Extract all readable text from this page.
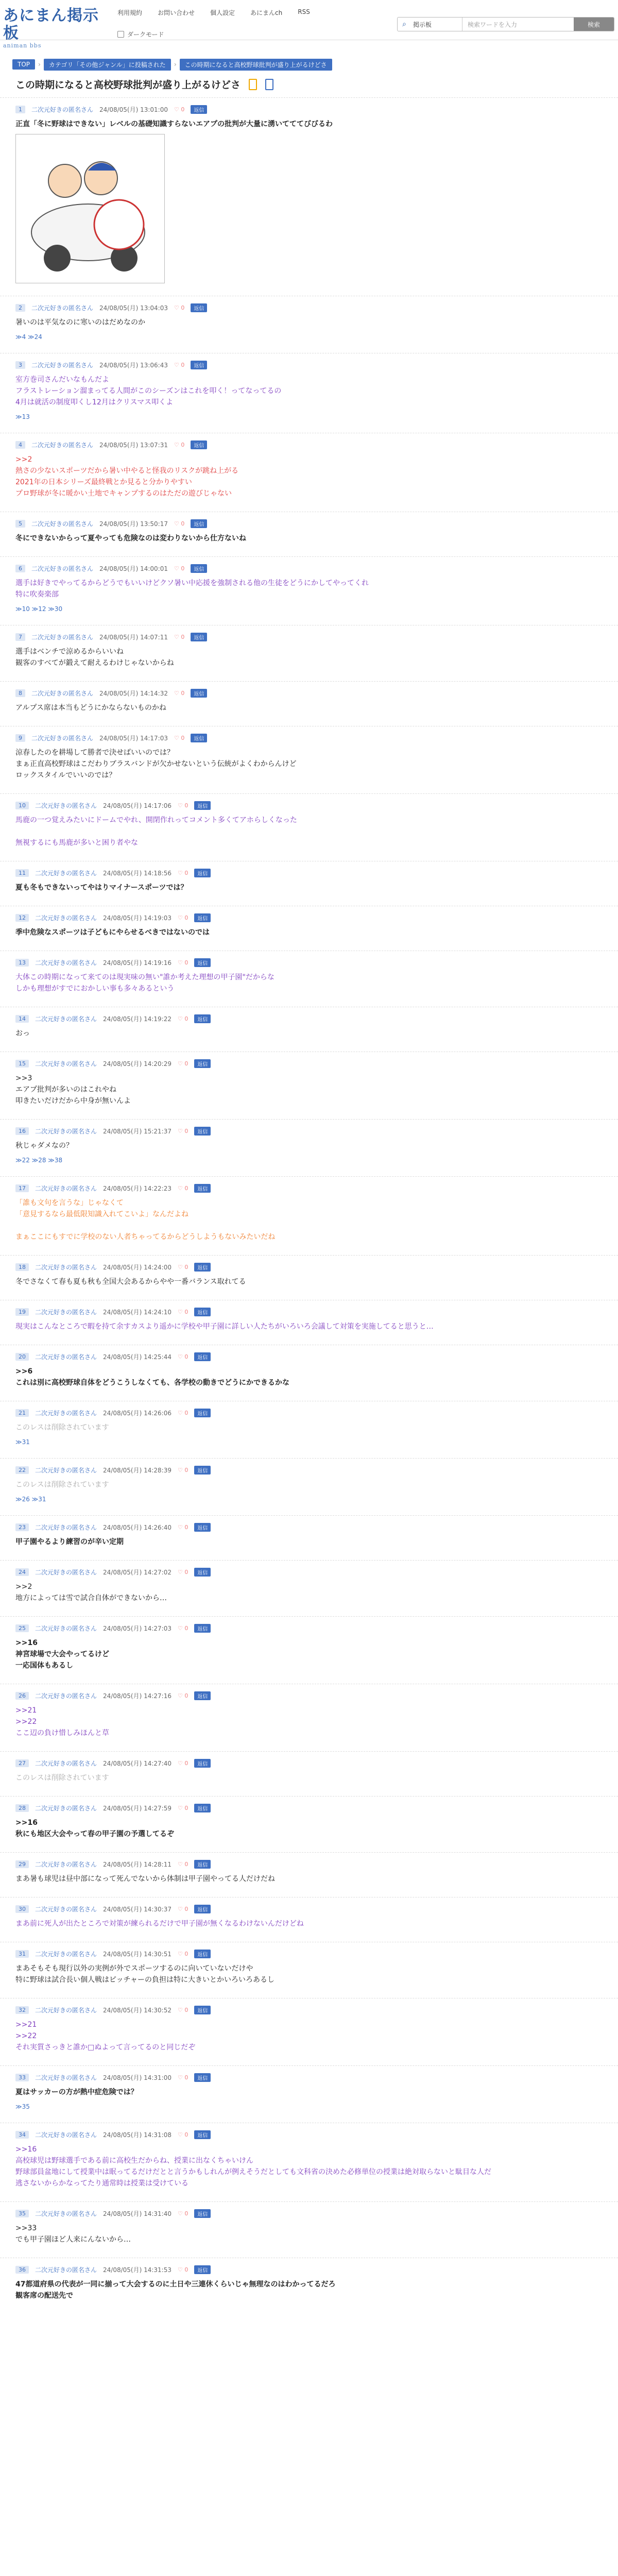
あにまん掲示板
animan bbs
利用規約	お問い合わせ	個人設定	あにまんch	RSS
ダークモード
⌕	掲示板	検索ワードを入力	検索
TOP	›	カテゴリ「その他ジャンル」に投稿された	›	この時期になると高校野球批判が盛り上がるけどさ
この時期になると高校野球批判が盛り上がるけどさ
1	二次元好きの匿名さん 24/08/05(月) 13:01:00 ♡ 0	返信
正直「冬に野球はできない」レベルの基礎知識すらないエアプの批判が大量に湧いてててびびるわ
2	二次元好きの匿名さん 24/08/05(月) 13:04:03 ♡ 0	返信
暑いのは平気なのに寒いのはだめなのか
≫4 ≫24
3	二次元好きの匿名さん 24/08/05(月) 13:06:43 ♡ 0	返信
室方巻司さんだいなもんだよ
フラストレーション溜まってる人間がこのシーズンはこれを叩く！ってなってるの
4月は就活の制度叩くし12月はクリスマス叩くよ
≫13
4	二次元好きの匿名さん 24/08/05(月) 13:07:31 ♡ 0	返信
>>2
熱さの少ないスポーツだから暑い中やると怪我のリスクが跳ね上がる
2021年の日本シリーズ最終戦とか見ると分かりやすい
プロ野球が冬に暖かい土地でキャンプするのはただの遊びじゃない
5	二次元好きの匿名さん 24/08/05(月) 13:50:17 ♡ 0	返信
冬にできないからって夏やっても危険なのは変わりないから仕方ないね
6	二次元好きの匿名さん 24/08/05(月) 14:00:01 ♡ 0	返信
選手は好きでやってるからどうでもいいけどクソ暑い中応援を強制される他の生徒をどうにかしてやってくれ
特に吹奏楽部
≫10 ≫12 ≫30
7	二次元好きの匿名さん 24/08/05(月) 14:07:11 ♡ 0	返信
選手はベンチで涼めるからいいね
観客のすべてが鍛えて耐えるわけじゃないからね
8	二次元好きの匿名さん 24/08/05(月) 14:14:32 ♡ 0	返信
アルプス席は本当もどうにかならないものかね
9	二次元好きの匿名さん 24/08/05(月) 14:17:03 ♡ 0	返信
涼春したのを耕場して勝者で決せばいいのでは？
まぁ正直高校野球はこだわりブラスバンドが欠かせないという伝統がよくわからんけど
ロックスタイルでいいのでは？
10	二次元好きの匿名さん 24/08/05(月) 14:17:06 ♡ 0	返信
馬鹿の一つ覚えみたいにドームでやれ、開閉作れってコメント多くてアホらしくなった

無視するにも馬鹿が多いと困り者やな
11	二次元好きの匿名さん 24/08/05(月) 14:18:56 ♡ 0	返信
夏も冬もできないってやはりマイナースポーツでは？
12	二次元好きの匿名さん 24/08/05(月) 14:19:03 ♡ 0	返信
季中危険なスポーツは子どもにやらせるべきではないのでは
13	二次元好きの匿名さん 24/08/05(月) 14:19:16 ♡ 0	返信
大体この時期になって来てのは現実味の無い"誰か考えた理想の甲子園"だからな
しかも理想がすでにおかしい事も多々あるという
14	二次元好きの匿名さん 24/08/05(月) 14:19:22 ♡ 0	返信
おっ
15	二次元好きの匿名さん 24/08/05(月) 14:20:29 ♡ 0	返信
>>3
エアプ批判が多いのはこれやね
叩きたいだけだから中身が無いんよ
16	二次元好きの匿名さん 24/08/05(月) 15:21:37 ♡ 0	返信
秋じゃダメなの？
≫22 ≫28 ≫38
17	二次元好きの匿名さん 24/08/05(月) 14:22:23 ♡ 0	返信
「誰も文句を言うな」じゃなくて
「意見するなら最低限知識入れてこいよ」なんだよね

まぁここにもすでに学校のない人者ちゃってるからどうしようもないみたいだね
18	二次元好きの匿名さん 24/08/05(月) 14:24:00 ♡ 0	返信
冬でさなくて春も夏も秋も全国大会あるからやや一番バランス取れてる
19	二次元好きの匿名さん 24/08/05(月) 14:24:10 ♡ 0	返信
現実はこんなところで暇を持て余すカスより遥かに学校や甲子園に詳しい人たちがいろいろ会議して対策を実施してると思うと…
20	二次元好きの匿名さん 24/08/05(月) 14:25:44 ♡ 0	返信
>>6
これは別に高校野球自体をどうこうしなくても、各学校の動きでどうにかできるかな
21	二次元好きの匿名さん 24/08/05(月) 14:26:06 ♡ 0	返信
このレスは削除されています
≫31
22	二次元好きの匿名さん 24/08/05(月) 14:28:39 ♡ 0	返信
このレスは削除されています
≫26 ≫31
23	二次元好きの匿名さん 24/08/05(月) 14:26:40 ♡ 0	返信
甲子園やるより練習のが辛い定期
24	二次元好きの匿名さん 24/08/05(月) 14:27:02 ♡ 0	返信
>>2
地方によっては雪で試合自体ができないから…
25	二次元好きの匿名さん 24/08/05(月) 14:27:03 ♡ 0	返信
>>16
神宮球場で大会やってるけど
一応国体もあるし
26	二次元好きの匿名さん 24/08/05(月) 14:27:16 ♡ 0	返信
>>21
>>22
ここ辺の負け惜しみほんと草
27	二次元好きの匿名さん 24/08/05(月) 14:27:40 ♡ 0	返信
このレスは削除されています
28	二次元好きの匿名さん 24/08/05(月) 14:27:59 ♡ 0	返信
>>16
秋にも地区大会やって春の甲子園の予選してるぞ
29	二次元好きの匿名さん 24/08/05(月) 14:28:11 ♡ 0	返信
まあ暑も球児は昼中部になって死んでないから体制は甲子園やってる人だけだね
30	二次元好きの匿名さん 24/08/05(月) 14:30:37 ♡ 0	返信
まあ前に死人が出たところで対策が練られるだけで甲子園が無くなるわけないんだけどね
31	二次元好きの匿名さん 24/08/05(月) 14:30:51 ♡ 0	返信
まあそもそも現行以外の実例が外でスポーツするのに向いていないだけや
特に野球は試合長い個人戦はピッチャーの負担は特に大きいとかいろいろあるし
32	二次元好きの匿名さん 24/08/05(月) 14:30:52 ♡ 0	返信
>>21
>>22
それ実質さっきと誰か□ぬよって言ってるのと同じだぞ
33	二次元好きの匿名さん 24/08/05(月) 14:31:00 ♡ 0	返信
夏はサッカーの方が熱中症危険では？
≫35
34	二次元好きの匿名さん 24/08/05(月) 14:31:08 ♡ 0	返信
>>16
高校球児は野球選手である前に高校生だからね、授業に出なくちゃいけん
野球部員盆地にして授業中は眠ってるだけだとと言うかもしれんが例えそうだとしても文科省の決めた必修単位の授業は絶対取らないと駄目な人だ
逃さないからかなってたり通常時は授業は受けている
35	二次元好きの匿名さん 24/08/05(月) 14:31:40 ♡ 0	返信
>>33
でも甲子園ほど人来にんないから…
36	二次元好きの匿名さん 24/08/05(月) 14:31:53 ♡ 0	返信
47都道府県の代表が一同に揃って大会するのに土日や三連休くらいじゃ無理なのはわかってるだろ
観客席の配送先で
